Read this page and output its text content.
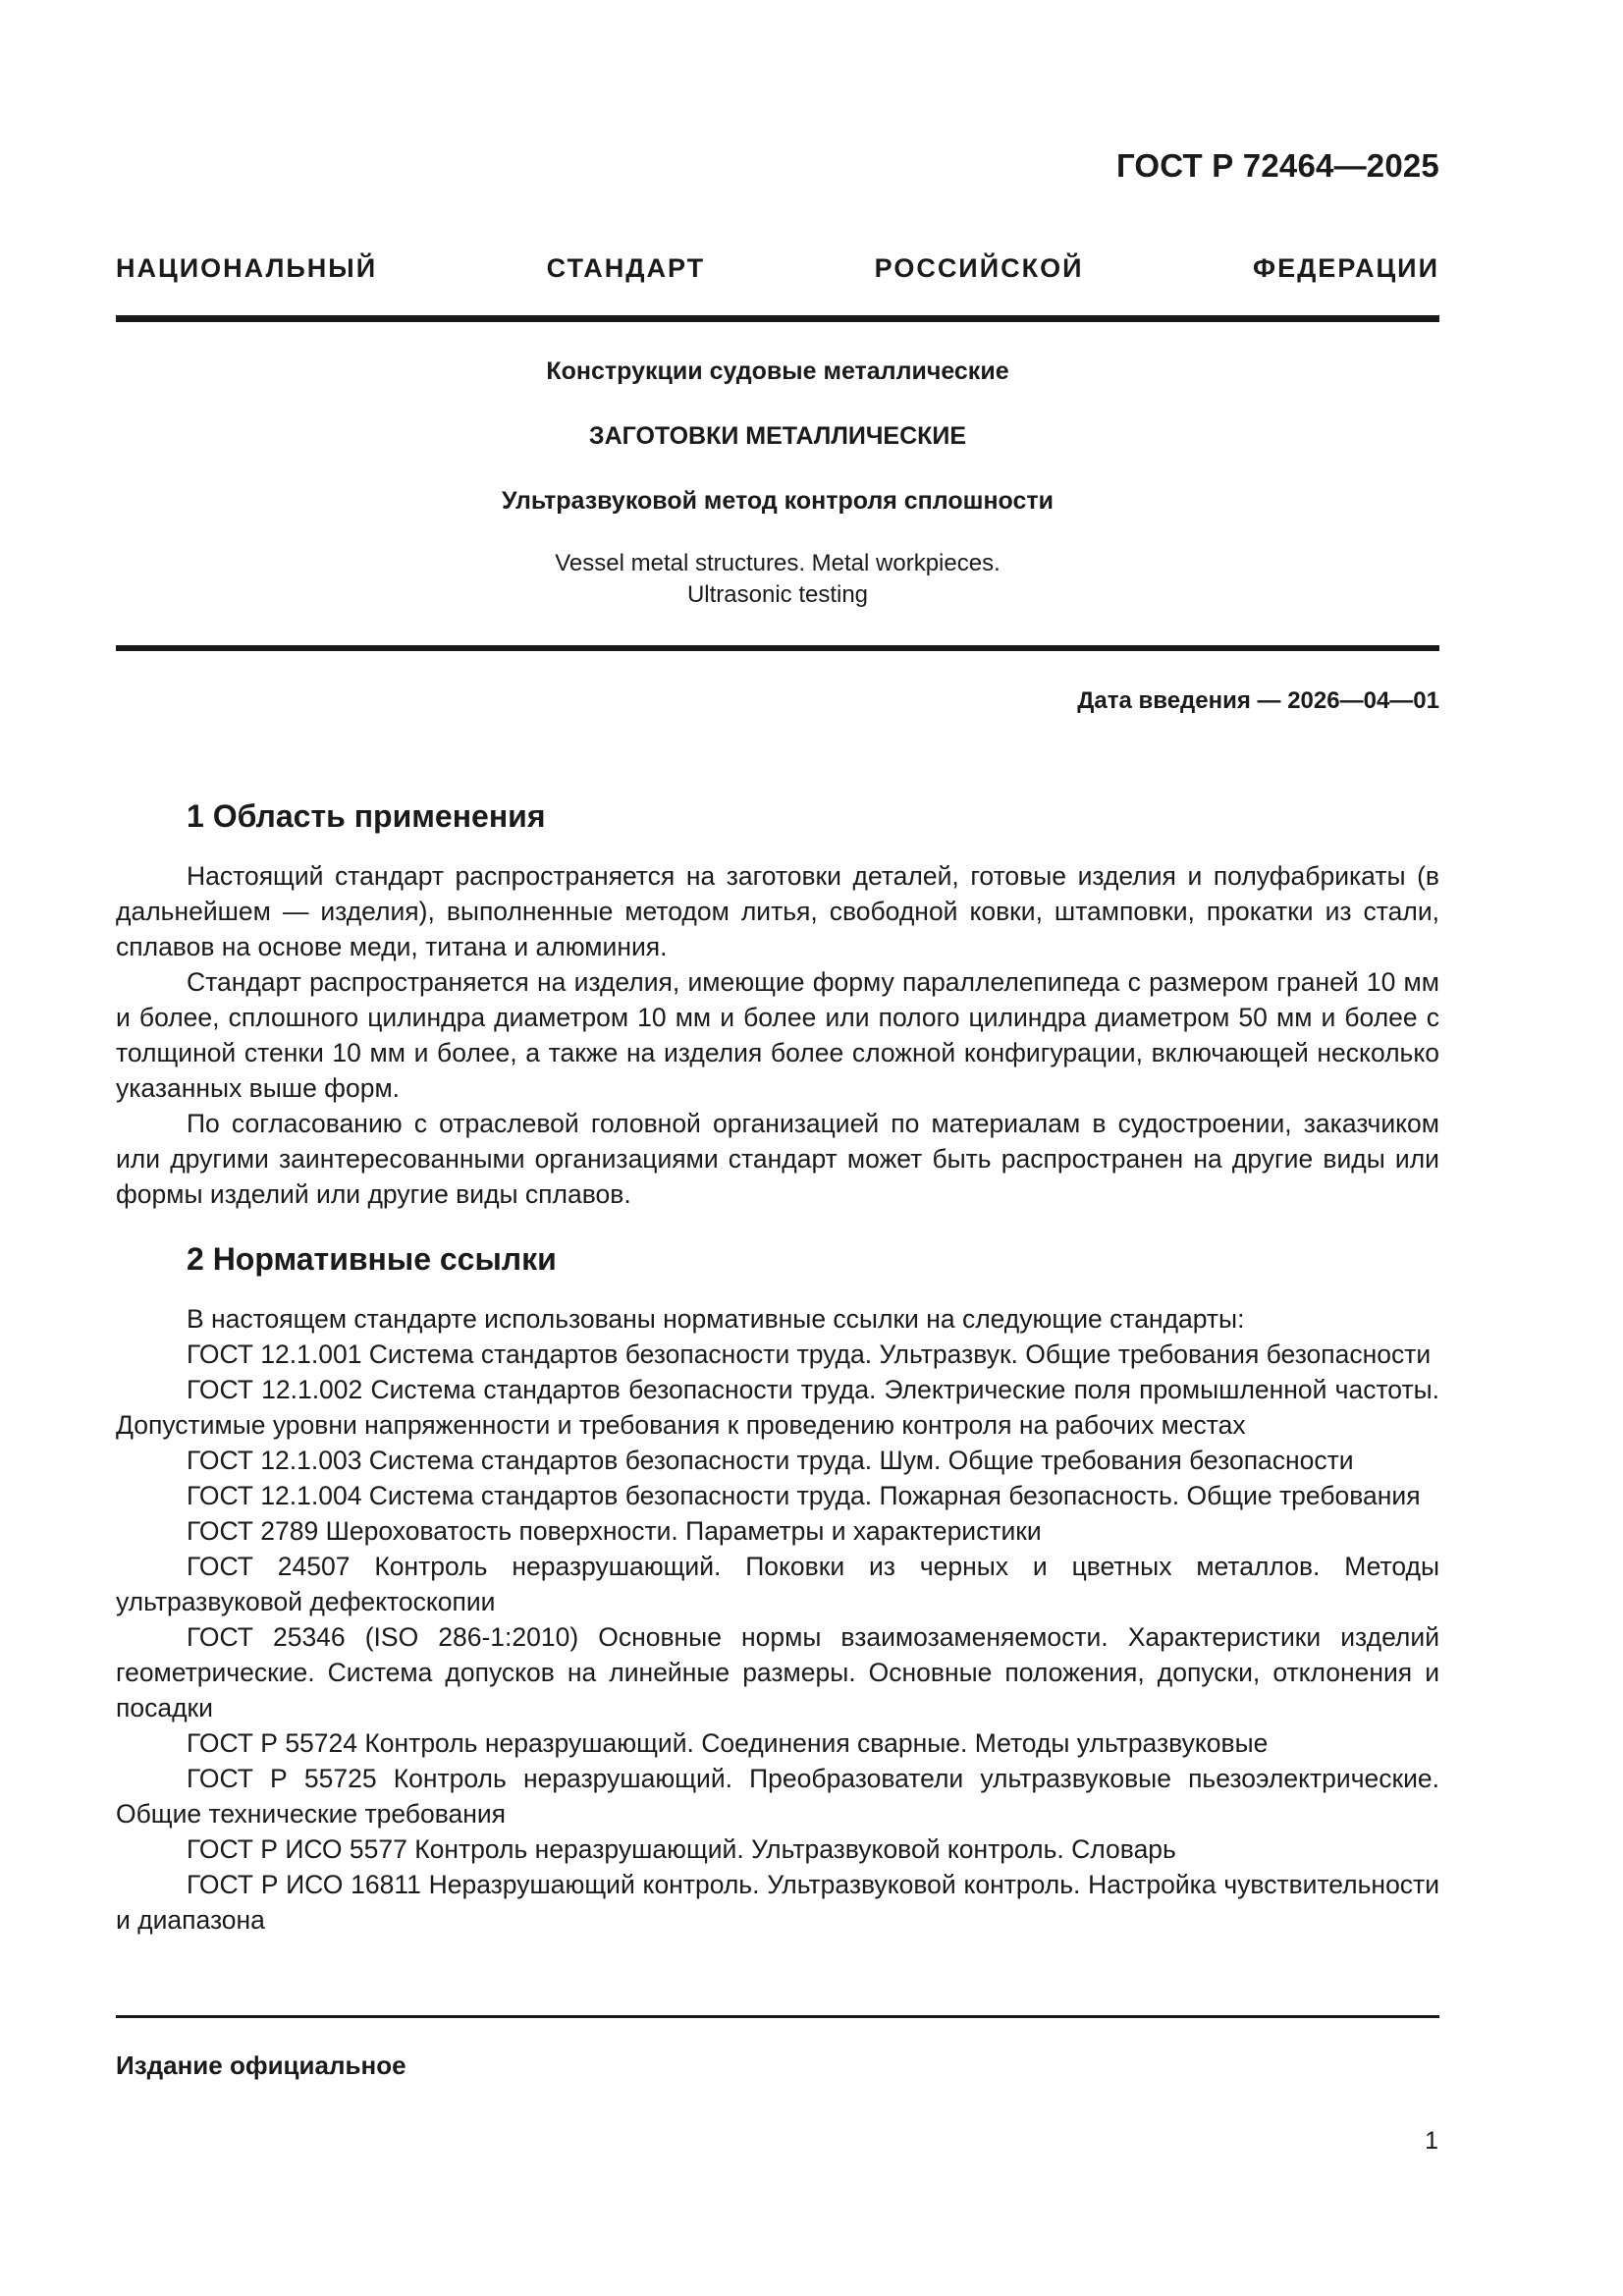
ГОСТ Р 72464—2025
НАЦИОНАЛЬНЫЙ СТАНДАРТ РОССИЙСКОЙ ФЕДЕРАЦИИ
Конструкции судовые металлические
ЗАГОТОВКИ МЕТАЛЛИЧЕСКИЕ
Ультразвуковой метод контроля сплошности
Vessel metal structures. Metal workpieces.
Ultrasonic testing
Дата введения — 2026—04—01
1 Область применения

Настоящий стандарт распространяется на заготовки деталей, готовые изделия и полуфабрикаты (в дальнейшем — изделия), выполненные методом литья, свободной ковки, штамповки, прокатки из стали, сплавов на основе меди, титана и алюминия.

Стандарт распространяется на изделия, имеющие форму параллелепипеда с размером граней 10 мм и более, сплошного цилиндра диаметром 10 мм и более или полого цилиндра диаметром 50 мм и более с толщиной стенки 10 мм и более, а также на изделия более сложной конфигурации, включающей несколько указанных выше форм.

По согласованию с отраслевой головной организацией по материалам в судостроении, заказчиком или другими заинтересованными организациями стандарт может быть распространен на другие виды или формы изделий или другие виды сплавов.

2 Нормативные ссылки

В настоящем стандарте использованы нормативные ссылки на следующие стандарты:

ГОСТ 12.1.001 Система стандартов безопасности труда. Ультразвук. Общие требования безопасности

ГОСТ 12.1.002 Система стандартов безопасности труда. Электрические поля промышленной частоты. Допустимые уровни напряженности и требования к проведению контроля на рабочих местах

ГОСТ 12.1.003 Система стандартов безопасности труда. Шум. Общие требования безопасности

ГОСТ 12.1.004 Система стандартов безопасности труда. Пожарная безопасность. Общие требования

ГОСТ 2789 Шероховатость поверхности. Параметры и характеристики

ГОСТ 24507 Контроль неразрушающий. Поковки из черных и цветных металлов. Методы ультразвуковой дефектоскопии

ГОСТ 25346 (ISO 286-1:2010) Основные нормы взаимозаменяемости. Характеристики изделий геометрические. Система допусков на линейные размеры. Основные положения, допуски, отклонения и посадки

ГОСТ Р 55724 Контроль неразрушающий. Соединения сварные. Методы ультразвуковые

ГОСТ Р 55725 Контроль неразрушающий. Преобразователи ультразвуковые пьезоэлектрические. Общие технические требования

ГОСТ Р ИСО 5577 Контроль неразрушающий. Ультразвуковой контроль. Словарь

ГОСТ Р ИСО 16811 Неразрушающий контроль. Ультразвуковой контроль. Настройка чувствительности и диапазона

Издание официальное
1
